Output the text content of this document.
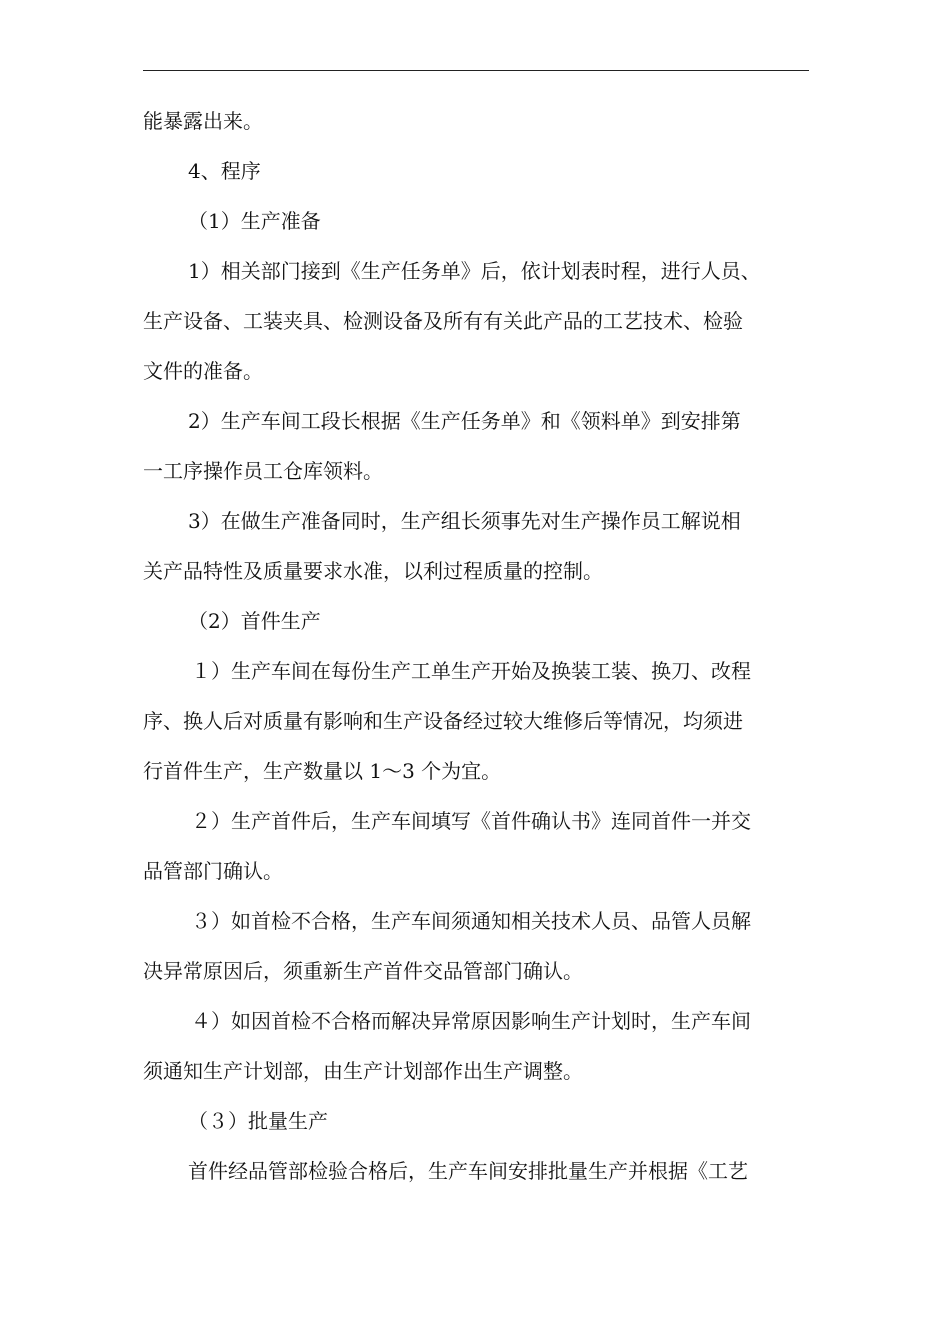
能暴露出来。
4、程序
（1）生产准备
1）相关部门接到《生产任务单》后，依计划表时程，进行人员、
生产设备、工装夹具、检测设备及所有有关此产品的工艺技术、检验
文件的准备。
2）生产车间工段长根据《生产任务单》和《领料单》到安排第
一工序操作员工仓库领料。
3）在做生产准备同时，生产组长须事先对生产操作员工解说相
关产品特性及质量要求水准，以利过程质量的控制。
（2）首件生产
１）生产车间在每份生产工单生产开始及换装工装、换刀、改程
序、换人后对质量有影响和生产设备经过较大维修后等情况，均须进
行首件生产，生产数量以 1～3 个为宜。
２）生产首件后，生产车间填写《首件确认书》连同首件一并交
品管部门确认。
３）如首检不合格，生产车间须通知相关技术人员、品管人员解
决异常原因后，须重新生产首件交品管部门确认。
４）如因首检不合格而解决异常原因影响生产计划时，生产车间
须通知生产计划部，由生产计划部作出生产调整。
（３）批量生产
首件经品管部检验合格后，生产车间安排批量生产并根据《工艺
